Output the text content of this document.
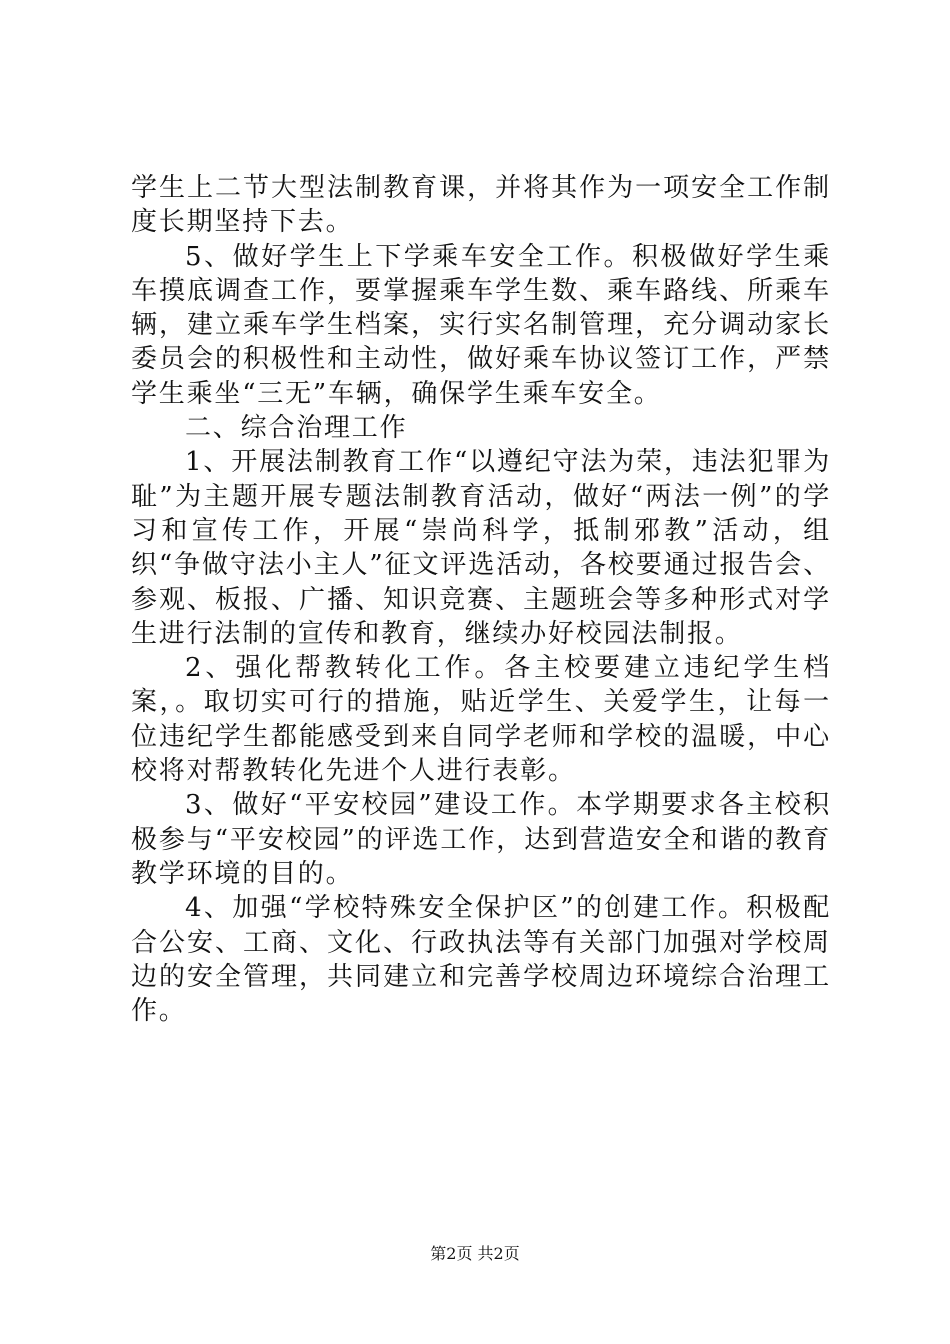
学生上二节大型法制教育课，并将其作为一项安全工作制度长期坚持下去。

5、做好学生上下学乘车安全工作。积极做好学生乘车摸底调查工作，要掌握乘车学生数、乘车路线、所乘车辆，建立乘车学生档案，实行实名制管理，充分调动家长委员会的积极性和主动性，做好乘车协议签订工作，严禁学生乘坐“三无”车辆，确保学生乘车安全。

二、综合治理工作

1、开展法制教育工作“以遵纪守法为荣，违法犯罪为耻”为主题开展专题法制教育活动，做好“两法一例”的学习和宣传工作，开展“崇尚科学，抵制邪教”活动，组织“争做守法小主人”征文评选活动，各校要通过报告会、参观、板报、广播、知识竞赛、主题班会等多种形式对学生进行法制的宣传和教育，继续办好校园法制报。

2、强化帮教转化工作。各主校要建立违纪学生档案，。取切实可行的措施，贴近学生、关爱学生，让每一位违纪学生都能感受到来自同学老师和学校的温暖，中心校将对帮教转化先进个人进行表彰。

3、做好“平安校园”建设工作。本学期要求各主校积极参与“平安校园”的评选工作，达到营造安全和谐的教育教学环境的目的。

4、加强“学校特殊安全保护区”的创建工作。积极配合公安、工商、文化、行政执法等有关部门加强对学校周边的安全管理，共同建立和完善学校周边环境综合治理工作。

第2页 共2页
